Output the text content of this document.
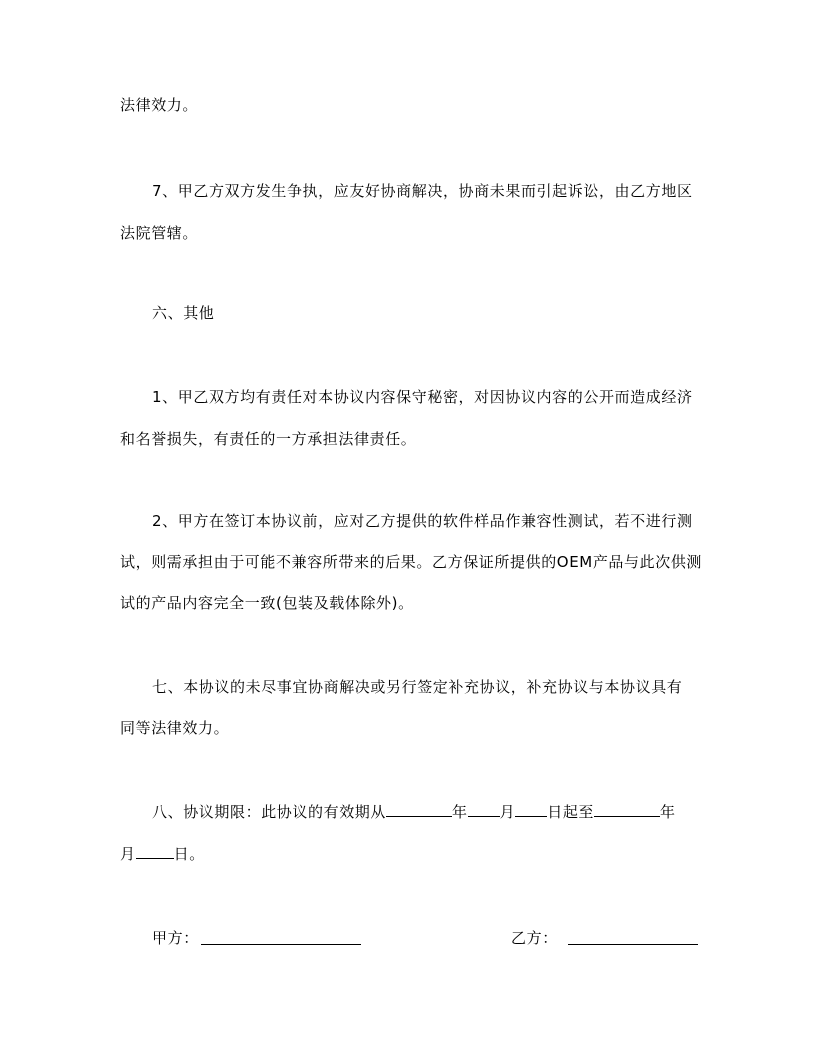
法律效力。
7、甲乙方双方发生争执，应友好协商解决，协商未果而引起诉讼，由乙方地区
法院管辖。
六、其他
1、甲乙双方均有责任对本协议内容保守秘密，对因协议内容的公开而造成经济
和名誉损失，有责任的一方承担法律责任。
2、甲方在签订本协议前，应对乙方提供的软件样品作兼容性测试，若不进行测
试，则需承担由于可能不兼容所带来的后果。乙方保证所提供的OEM产品与此次供测
试的产品内容完全一致(包装及载体除外)。
七、本协议的未尽事宜协商解决或另行签定补充协议，补充协议与本协议具有
同等法律效力。
八、协议期限：此协议的有效期从	年 月 日起至	年
月	日。
甲方：	乙方：
